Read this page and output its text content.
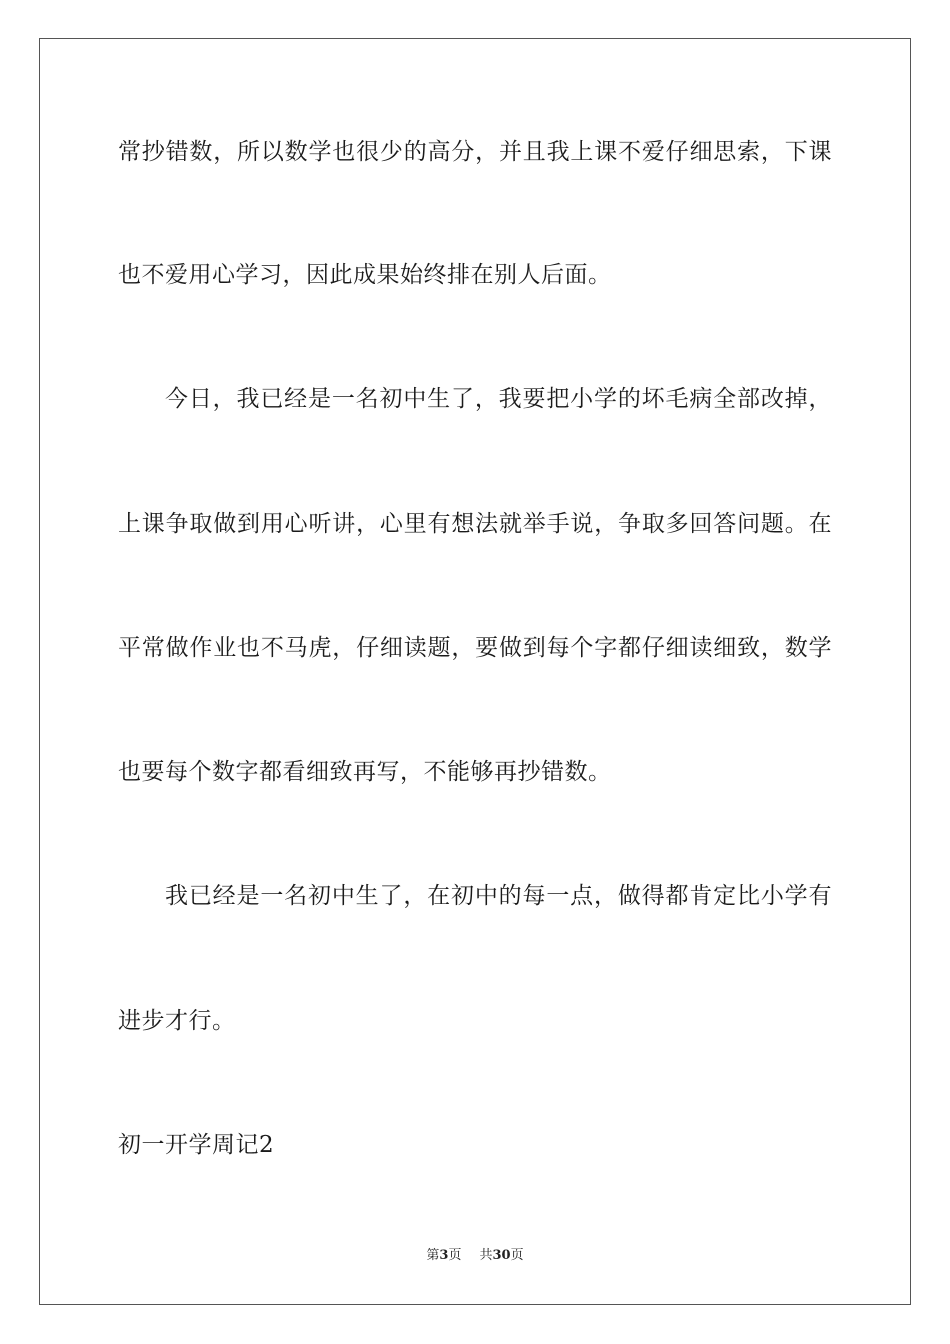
常抄错数，所以数学也很少的高分，并且我上课不爱仔细思索，下课
也不爱用心学习，因此成果始终排在别人后面。
今日，我已经是一名初中生了，我要把小学的坏毛病全部改掉，
上课争取做到用心听讲，心里有想法就举手说，争取多回答问题。在
平常做作业也不马虎，仔细读题，要做到每个字都仔细读细致，数学
也要每个数字都看细致再写，不能够再抄错数。
我已经是一名初中生了，在初中的每一点，做得都肯定比小学有
进步才行。
初一开学周记2
第3页 共30页
